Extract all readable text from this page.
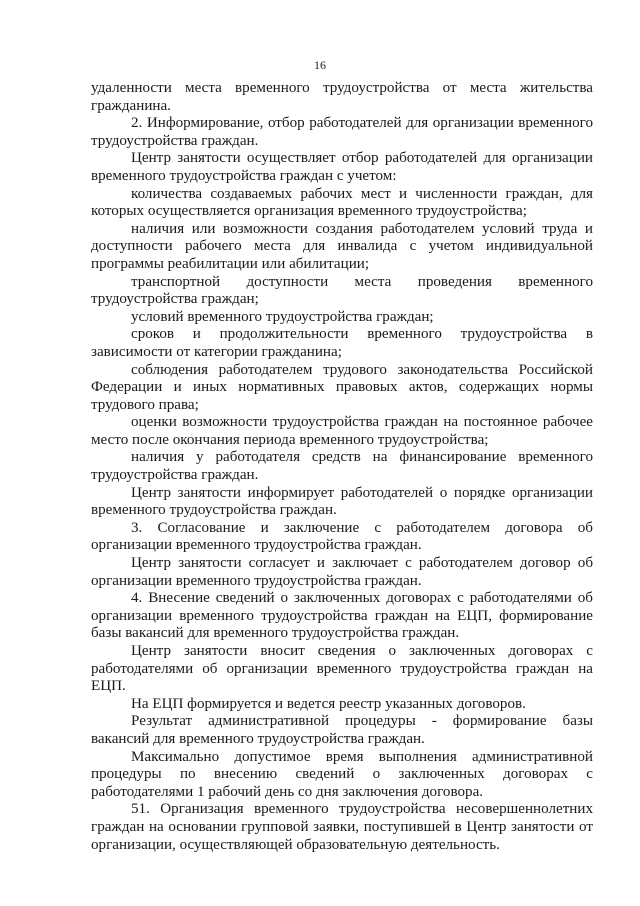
16

удаленности места временного трудоустройства от места жительства гражданина.

2. Информирование, отбор работодателей для организации временного трудоустройства граждан.

Центр занятости осуществляет отбор работодателей для организации временного трудоустройства граждан с учетом:

количества создаваемых рабочих мест и численности граждан, для которых осуществляется организация временного трудоустройства;

наличия или возможности создания работодателем условий труда и доступности рабочего места для инвалида с учетом индивидуальной программы реабилитации или абилитации;

транспортной доступности места проведения временного трудоустройства граждан;

условий временного трудоустройства граждан;

сроков и продолжительности временного трудоустройства в зависимости от категории гражданина;

соблюдения работодателем трудового законодательства Российской Федерации и иных нормативных правовых актов, содержащих нормы трудового права;

оценки возможности трудоустройства граждан на постоянное рабочее место после окончания периода временного трудоустройства;

наличия у работодателя средств на финансирование временного трудоустройства граждан.

Центр занятости информирует работодателей о порядке организации временного трудоустройства граждан.

3. Согласование и заключение с работодателем договора об организации временного трудоустройства граждан.

Центр занятости согласует и заключает с работодателем договор об организации временного трудоустройства граждан.

4. Внесение сведений о заключенных договорах с работодателями об организации временного трудоустройства граждан на ЕЦП, формирование базы вакансий для временного трудоустройства граждан.

Центр занятости вносит сведения о заключенных договорах с работодателями об организации временного трудоустройства граждан на ЕЦП.

На ЕЦП формируется и ведется реестр указанных договоров.

Результат административной процедуры - формирование базы вакансий для временного трудоустройства граждан.

Максимально допустимое время выполнения административной процедуры по внесению сведений о заключенных договорах с работодателями 1 рабочий день со дня заключения договора.

51. Организация временного трудоустройства несовершеннолетних граждан на основании групповой заявки, поступившей в Центр занятости от организации, осуществляющей образовательную деятельность.
